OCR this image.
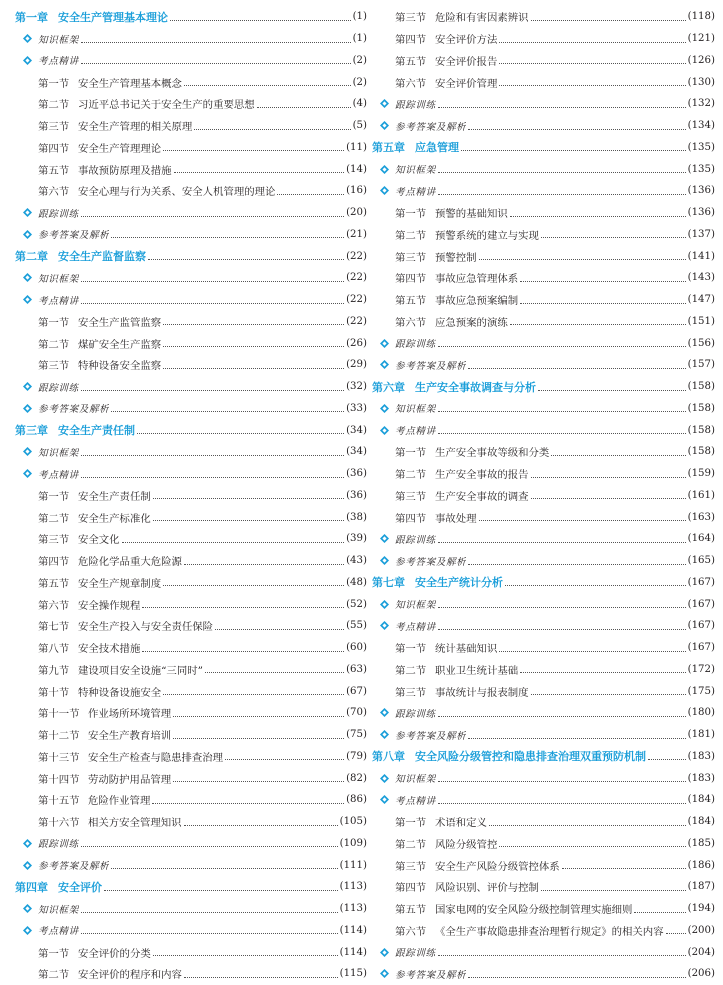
第一章 安全生产管理基本理论	(1)
知识框架	(1)
考点精讲	(2)
第一节 安全生产管理基本概念	(2)
第二节 习近平总书记关于安全生产的重要思想	(4)
第三节 安全生产管理的相关原理	(5)
第四节 安全生产管理理论	(11)
第五节 事故预防原理及措施	(14)
第六节 安全心理与行为关系、安全人机管理的理论	(16)
跟踪训练	(20)
参考答案及解析	(21)
第二章 安全生产监督监察	(22)
知识框架	(22)
考点精讲	(22)
第一节 安全生产监管监察	(22)
第二节 煤矿安全生产监察	(26)
第三节 特种设备安全监察	(29)
跟踪训练	(32)
参考答案及解析	(33)
第三章 安全生产责任制	(34)
知识框架	(34)
考点精讲	(36)
第一节 安全生产责任制	(36)
第二节 安全生产标准化	(38)
第三节 安全文化	(39)
第四节 危险化学品重大危险源	(43)
第五节 安全生产规章制度	(48)
第六节 安全操作规程	(52)
第七节 安全生产投入与安全责任保险	(55)
第八节 安全技术措施	(60)
第九节 建设项目安全设施“三同时”	(63)
第十节 特种设备设施安全	(67)
第十一节 作业场所环境管理	(70)
第十二节 安全生产教育培训	(75)
第十三节 安全生产检查与隐患排查治理	(79)
第十四节 劳动防护用品管理	(82)
第十五节 危险作业管理	(86)
第十六节 相关方安全管理知识	(105)
跟踪训练	(109)
参考答案及解析	(111)
第四章 安全评价	(113)
知识框架	(113)
考点精讲	(114)
第一节 安全评价的分类	(114)
第二节 安全评价的程序和内容	(115)
第三节 危险和有害因素辨识	(118)
第四节 安全评价方法	(121)
第五节 安全评价报告	(126)
第六节 安全评价管理	(130)
跟踪训练	(132)
参考答案及解析	(134)
第五章 应急管理	(135)
知识框架	(135)
考点精讲	(136)
第一节 预警的基础知识	(136)
第二节 预警系统的建立与实现	(137)
第三节 预警控制	(141)
第四节 事故应急管理体系	(143)
第五节 事故应急预案编制	(147)
第六节 应急预案的演练	(151)
跟踪训练	(156)
参考答案及解析	(157)
第六章 生产安全事故调查与分析	(158)
知识框架	(158)
考点精讲	(158)
第一节 生产安全事故等级和分类	(158)
第二节 生产安全事故的报告	(159)
第三节 生产安全事故的调查	(161)
第四节 事故处理	(163)
跟踪训练	(164)
参考答案及解析	(165)
第七章 安全生产统计分析	(167)
知识框架	(167)
考点精讲	(167)
第一节 统计基础知识	(167)
第二节 职业卫生统计基础	(172)
第三节 事故统计与报表制度	(175)
跟踪训练	(180)
参考答案及解析	(181)
第八章 安全风险分级管控和隐患排查治理双重预防机制	(183)
知识框架	(183)
考点精讲	(184)
第一节 术语和定义	(184)
第二节 风险分级管控	(185)
第三节 安全生产风险分级管控体系	(186)
第四节 风险识别、评价与控制	(187)
第五节 国家电网的安全风险分级控制管理实施细则	(194)
第六节 《全生产事故隐患排查治理暂行规定》的相关内容 (200)
跟踪训练	(204)
参考答案及解析	(206)
